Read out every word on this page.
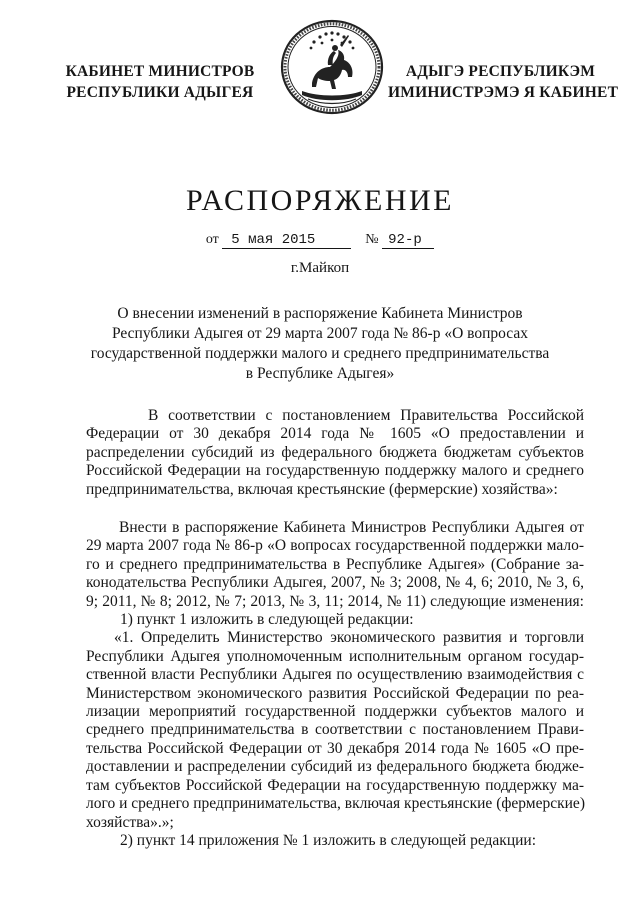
КАБИНЕТ МИНИСТРОВ
РЕСПУБЛИКИ АДЫГЕЯ
АДЫГЭ РЕСПУБЛИКЭМ
ИМИНИСТРЭМЭ Я КАБИНЕТ
РАСПОРЯЖЕНИЕ
от 5 мая 2015	№ 92-р
г.Майкоп
О внесении изменений в распоряжение Кабинета Министров
Республики Адыгея от 29 марта 2007 года № 86-р «О вопросах
государственной поддержки малого и среднего предпринимательства
в Республике Адыгея»
В соответствии с постановлением Правительства Российской
Федерации от 30 декабря 2014 года № 1605 «О предоставлении и
распределении субсидий из федерального бюджета бюджетам субъектов
Российской Федерации на государственную поддержку малого и среднего
предпринимательства, включая крестьянские (фермерские) хозяйства»:
Внести в распоряжение Кабинета Министров Республики Адыгея от
29 марта 2007 года № 86-р «О вопросах государственной поддержки мало-
го и среднего предпринимательства в Республике Адыгея» (Собрание за-
конодательства Республики Адыгея, 2007, № 3; 2008, № 4, 6; 2010, № 3, 6,
9; 2011, № 8; 2012, № 7; 2013, № 3, 11; 2014, № 11) следующие изменения:
1) пункт 1 изложить в следующей редакции:
«1. Определить Министерство экономического развития и торговли
Республики Адыгея уполномоченным исполнительным органом государ-
ственной власти Республики Адыгея по осуществлению взаимодействия с
Министерством экономического развития Российской Федерации по реа-
лизации мероприятий государственной поддержки субъектов малого и
среднего предпринимательства в соответствии с постановлением Прави-
тельства Российской Федерации от 30 декабря 2014 года № 1605 «О пре-
доставлении и распределении субсидий из федерального бюджета бюдже-
там субъектов Российской Федерации на государственную поддержку ма-
лого и среднего предпринимательства, включая крестьянские (фермерские)
хозяйства».»;
2) пункт 14 приложения № 1 изложить в следующей редакции:
